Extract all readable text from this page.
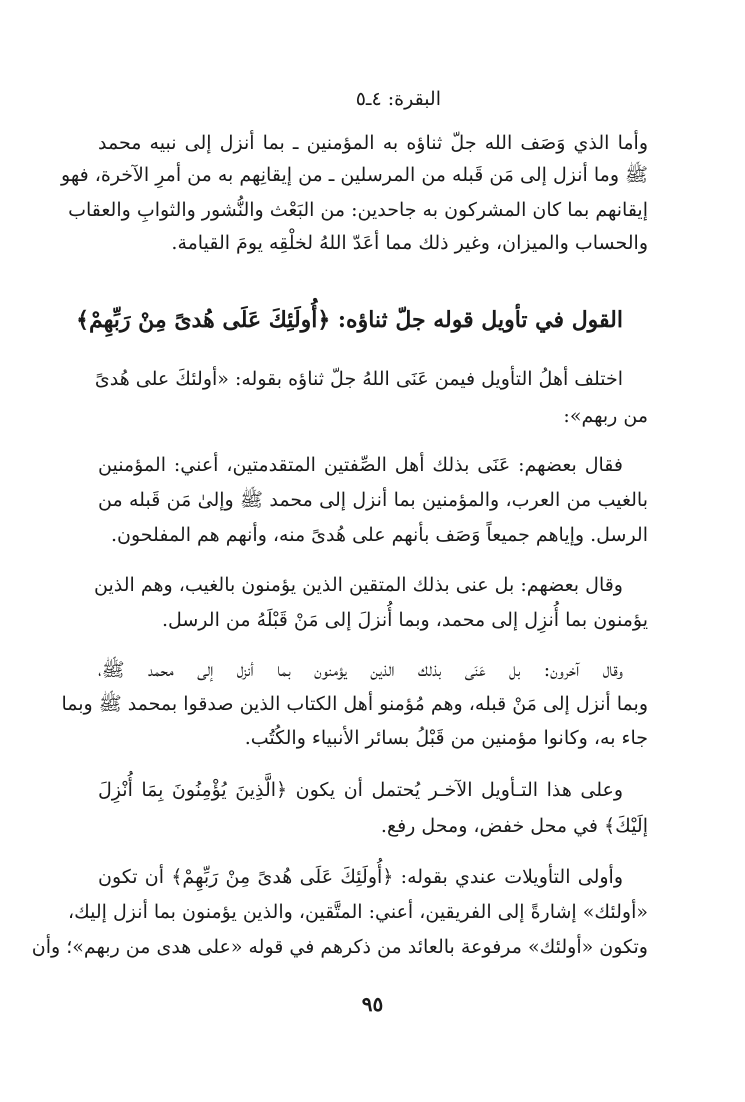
البقرة: ٤ـ٥
وأما الذي وَصَف الله جلّ ثناؤه به المؤمنين ـ بما أنزل إلى نبيه محمد
ﷺ وما أنزل إلى مَن قَبله من المرسلين ـ من إيقانِهم به من أمرِ الآخرة، فهو
إيقانهم بما كان المشركون به جاحدين: من البَعْث والنُّشور والثوابِ والعقاب
والحساب والميزان، وغير ذلك مما أعَدّ اللهُ لخلْقِه يومَ القيامة.
القول في تأويل قوله جلّ ثناؤه: ﴿أُولَئِكَ عَلَى هُدىً مِنْ رَبِّهِمْ﴾
اختلف أهلُ التأويل فيمن عَنَى اللهُ جلّ ثناؤه بقوله: «أولئكَ على هُدىً
من ربهم»:
فقال بعضهم: عَنَى بذلك أهل الصِّفتين المتقدمتين، أعني: المؤمنين
بالغيب من العرب، والمؤمنين بما أنزل إلى محمد ﷺ وإلىٰ مَن قَبله من
الرسل. وإياهم جميعاً وَصَف بأنهم على هُدىً منه، وأنهم هم المفلحون.
وقال بعضهم: بل عنى بذلك المتقين الذين يؤمنون بالغيب، وهم الذين
يؤمنون بما أُنزِل إلى محمد، وبما أُنزلَ إلى مَنْ قَبْلَهُ من الرسل.
وقال آخرون: بل عَنَى بذلك الذين يؤمنون بما أنزل إلى محمد ﷺ،
وبما أنزل إلى مَنْ قبله، وهم مُؤمنو أهل الكتاب الذين صدقوا بمحمد ﷺ وبما
جاء به، وكانوا مؤمنين من قَبْلُ بسائر الأنبياء والكُتُب.
وعلى هذا التـأويل الآخـر يُحتمل أن يكون ﴿الَّذِينَ يُؤْمِنُونَ بِمَا أُنْزِلَ
إلَيْكَ﴾ في محل خفض، ومحل رفع.
وأولى التأويلات عندي بقوله: ﴿أُولَئِكَ عَلَى هُدىً مِنْ رَبِّهِمْ﴾ أن تكون
«أولئك» إشارةً إلى الفريقين، أعني: المتَّقين، والذين يؤمنون بما أنزل إليك،
وتكون «أولئك» مرفوعة بالعائد من ذكرهم في قوله «على هدى من ربهم»؛ وأن
٩٥
